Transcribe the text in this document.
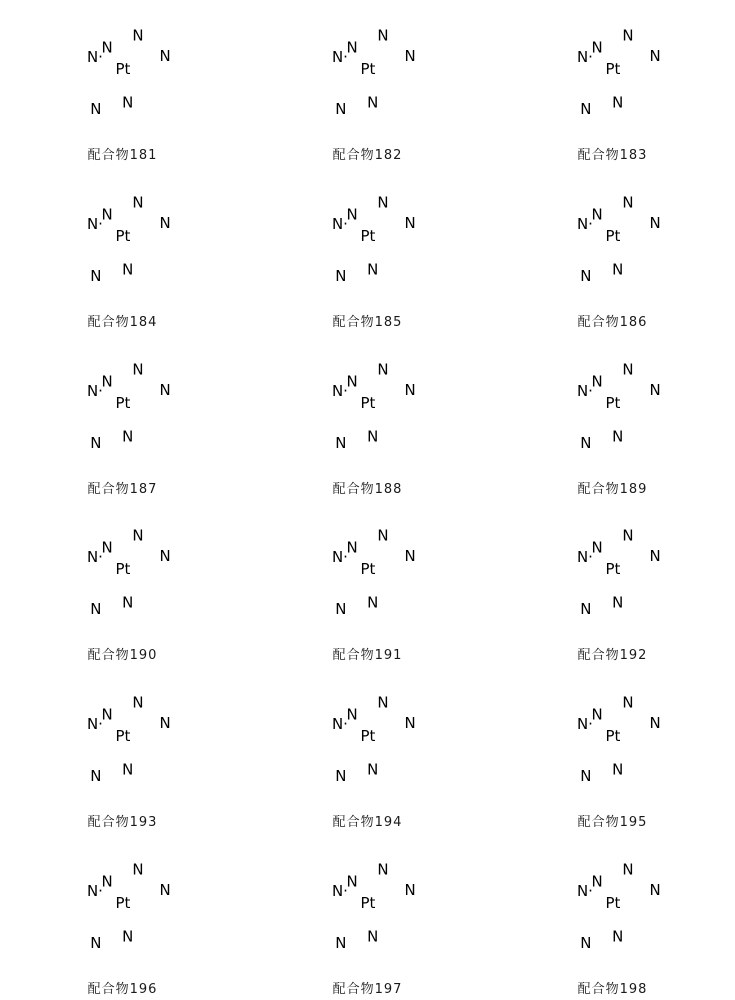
配合物181	配合物182	配合物183
配合物184	配合物185	配合物186
配合物187	配合物188	配合物189
配合物190	配合物191	配合物192
配合物193	配合物194	配合物195
配合物196	配合物197	配合物198
